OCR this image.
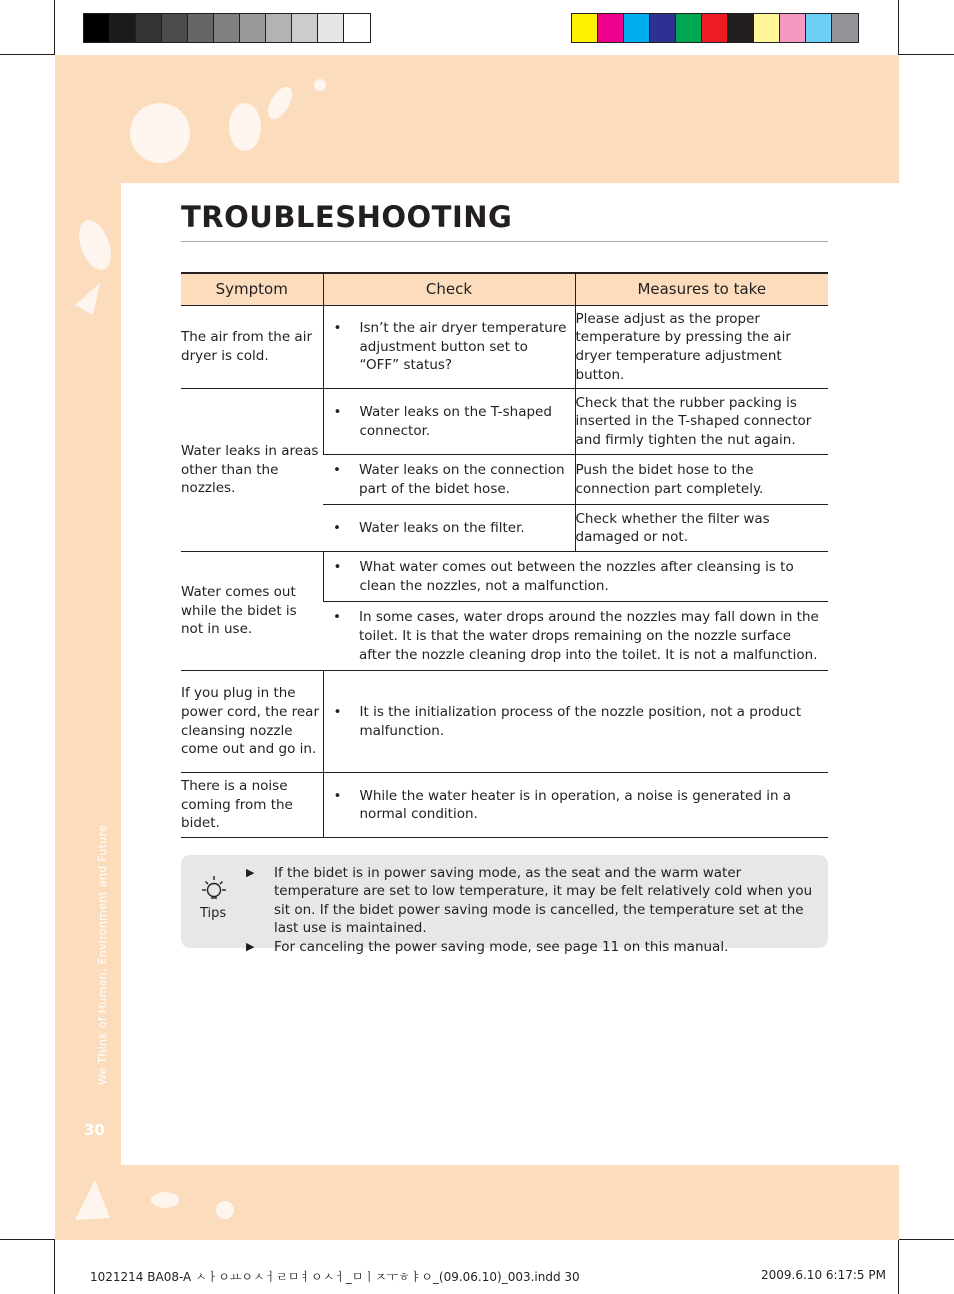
We Think of Human, Environment and Future
30
TROUBLESHOOTING
Symptom	Check	Measures to take
The air from the air dryer is cold.	• Isn’t the air dryer temperature adjustment button set to “OFF” status?	Please adjust as the proper temperature by pressing the air dryer temperature adjustment button.
Water leaks in areas other than the nozzles.	• Water leaks on the T-shaped connector.	Check that the rubber packing is inserted in the T-shaped connector and firmly tighten the nut again.

	• Water leaks on the connection part of the bidet hose.	Push the bidet hose to the connection part completely.

	• Water leaks on the filter.	Check whether the filter was damaged or not.
Water comes out while the bidet is not in use.	• What water comes out between the nozzles after cleansing is to clean the nozzles, not a malfunction.	

	• In some cases, water drops around the nozzles may fall down in the toilet. It is that the water drops remaining on the nozzle surface after the nozzle cleaning drop into the toilet. It is not a malfunction.	

If you plug in the power cord, the rear cleansing nozzle come out and go in.	• It is the initialization process of the nozzle position, not a product malfunction.	

There is a noise coming from the bidet.	• While the water heater is in operation, a noise is generated in a normal condition.	
Tips
▶	If the bidet is in power saving mode, as the seat and the warm water temperature are set to low temperature, it may be felt relatively cold when you sit on. If the bidet power saving mode is cancelled, the temperature set at the last use is maintained.
▶	For canceling the power saving mode, see page 11 on this manual.
1021214 BA08-A ㅅㅏㅇㅛㅇㅅㅓㄹㅁㅕㅇㅅㅓ_ㅁㅣㅈㅜㅎㅑㅇ_(09.06.10)_003.indd 30	2009.6.10 6:17:5 PM
